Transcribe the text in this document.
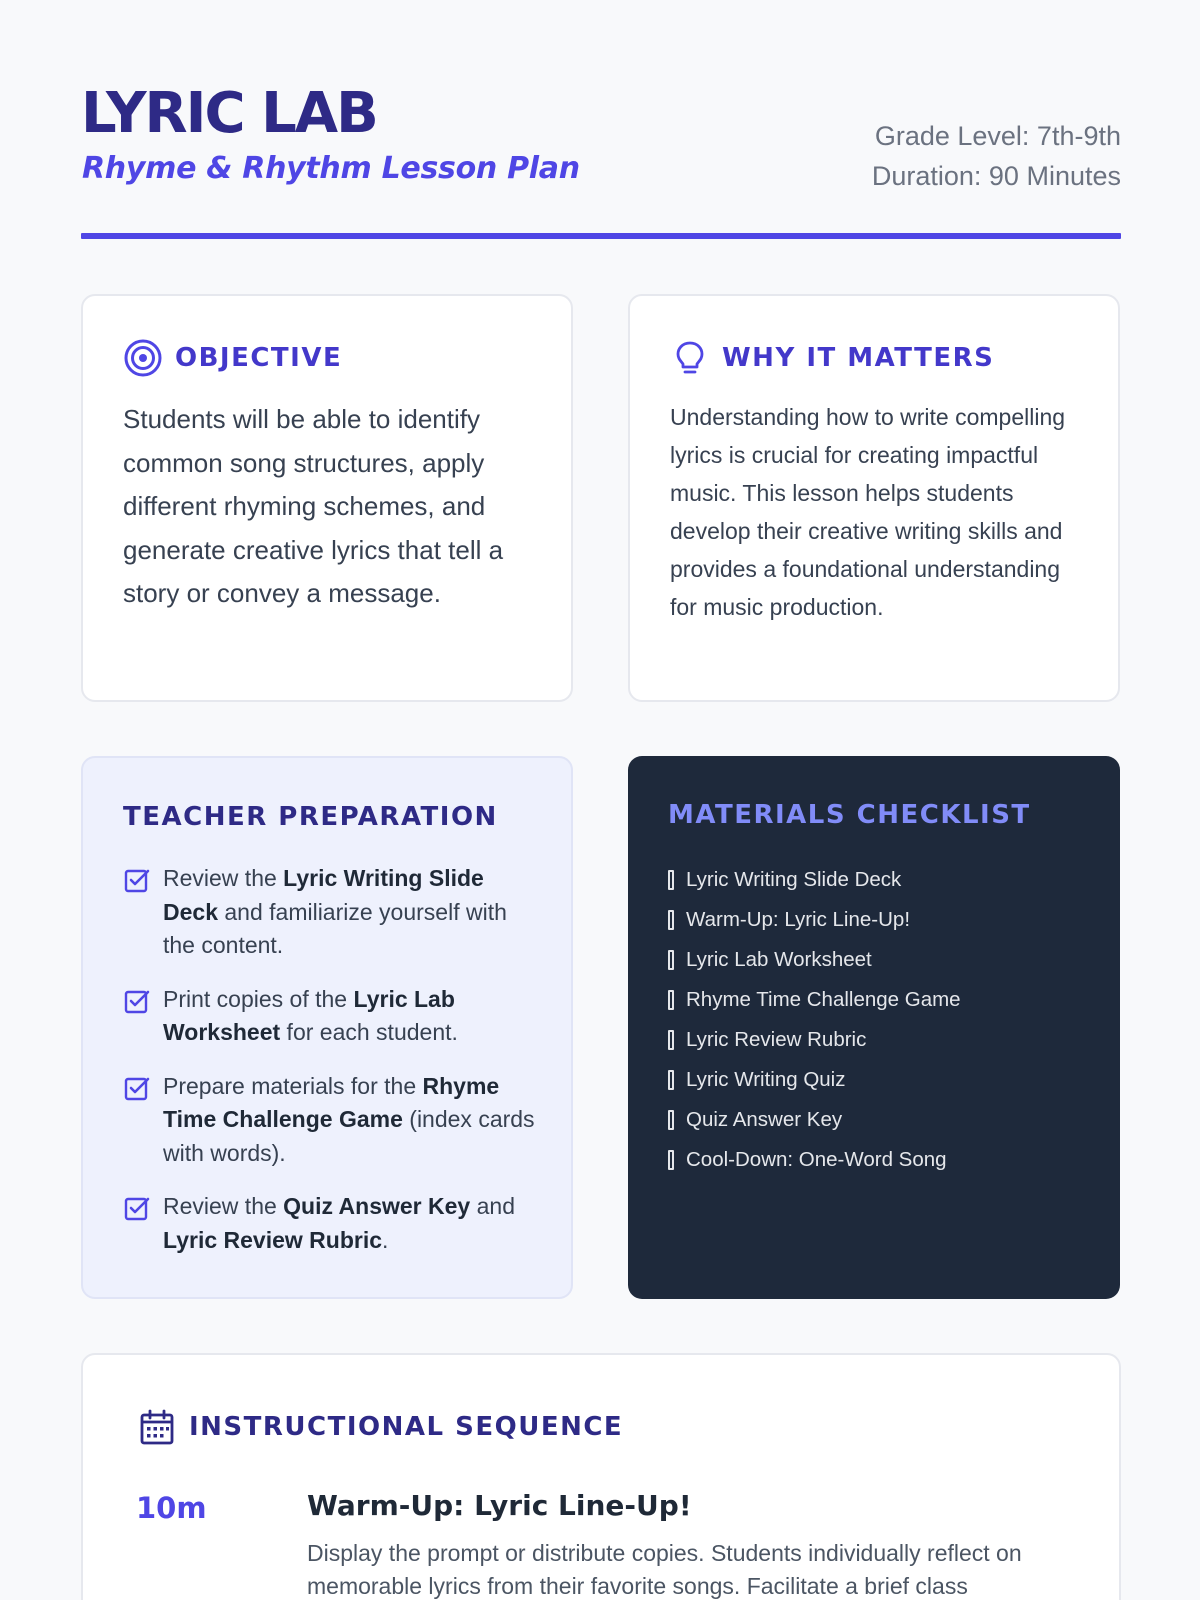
LYRIC LAB
Rhyme & Rhythm Lesson Plan
Grade Level: 7th-9th
Duration: 90 Minutes
OBJECTIVE
Students will be able to identify common song structures, apply different rhyming schemes, and generate creative lyrics that tell a story or convey a message.
WHY IT MATTERS
Understanding how to write compelling lyrics is crucial for creating impactful music. This lesson helps students develop their creative writing skills and provides a foundational understanding for music production.
TEACHER PREPARATION
Review the Lyric Writing Slide Deck and familiarize yourself with the content.
Print copies of the Lyric Lab Worksheet for each student.
Prepare materials for the Rhyme Time Challenge Game (index cards with words).
Review the Quiz Answer Key and Lyric Review Rubric.
MATERIALS CHECKLIST
Lyric Writing Slide Deck
Warm-Up: Lyric Line-Up!
Lyric Lab Worksheet
Rhyme Time Challenge Game
Lyric Review Rubric
Lyric Writing Quiz
Quiz Answer Key
Cool-Down: One-Word Song
INSTRUCTIONAL SEQUENCE
10m	Warm-Up: Lyric Line-Up!
Display the prompt or distribute copies. Students individually reflect on memorable lyrics from their favorite songs. Facilitate a brief class
